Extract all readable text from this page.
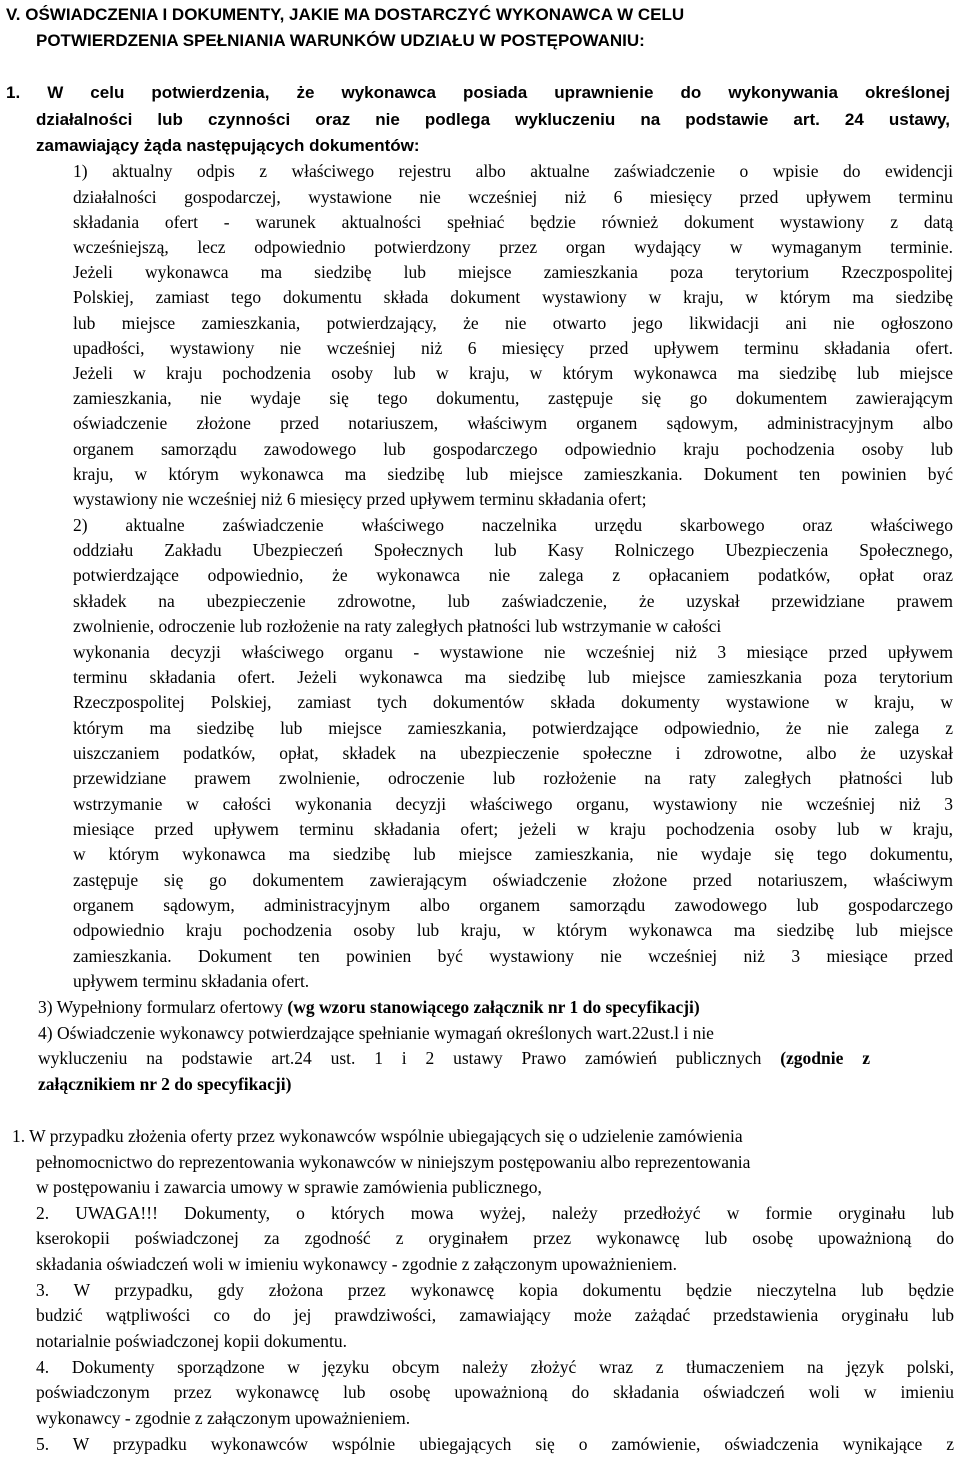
V. OŚWIADCZENIA I DOKUMENTY, JAKIE MA DOSTARCZYĆ WYKONAWCA W CELU
POTWIERDZENIA SPEŁNIANIA WARUNKÓW UDZIAŁU W POSTĘPOWANIU:
1. W celu potwierdzenia, że wykonawca posiada uprawnienie do wykonywania określonej
działalności lub czynności oraz nie podlega wykluczeniu na podstawie art. 24 ustawy,
zamawiający żąda następujących dokumentów:
1) aktualny odpis z właściwego rejestru albo aktualne zaświadczenie o wpisie do ewidencji
działalności gospodarczej, wystawione nie wcześniej niż 6 miesięcy przed upływem terminu
składania ofert - warunek aktualności spełniać będzie również dokument wystawiony z datą
wcześniejszą, lecz odpowiednio potwierdzony przez organ wydający w wymaganym terminie.
Jeżeli wykonawca ma siedzibę lub miejsce zamieszkania poza terytorium Rzeczpospolitej
Polskiej, zamiast tego dokumentu składa dokument wystawiony w kraju, w którym ma siedzibę
lub miejsce zamieszkania, potwierdzający, że nie otwarto jego likwidacji ani nie ogłoszono
upadłości, wystawiony nie wcześniej niż 6 miesięcy przed upływem terminu składania ofert.
Jeżeli w kraju pochodzenia osoby lub w kraju, w którym wykonawca ma siedzibę lub miejsce
zamieszkania, nie wydaje się tego dokumentu, zastępuje się go dokumentem zawierającym
oświadczenie złożone przed notariuszem, właściwym organem sądowym, administracyjnym albo
organem samorządu zawodowego lub gospodarczego odpowiednio kraju pochodzenia osoby lub
kraju, w którym wykonawca ma siedzibę lub miejsce zamieszkania. Dokument ten powinien być
wystawiony nie wcześniej niż 6 miesięcy przed upływem terminu składania ofert;
2) aktualne zaświadczenie właściwego naczelnika urzędu skarbowego oraz właściwego
oddziału Zakładu Ubezpieczeń Społecznych lub Kasy Rolniczego Ubezpieczenia Społecznego,
potwierdzające odpowiednio, że wykonawca nie zalega z opłacaniem podatków, opłat oraz
składek na ubezpieczenie zdrowotne, lub zaświadczenie, że uzyskał przewidziane prawem
zwolnienie, odroczenie lub rozłożenie na raty zaległych płatności lub wstrzymanie w całości
wykonania decyzji właściwego organu - wystawione nie wcześniej niż 3 miesiące przed upływem
terminu składania ofert. Jeżeli wykonawca ma siedzibę lub miejsce zamieszkania poza terytorium
Rzeczpospolitej Polskiej, zamiast tych dokumentów składa dokumenty wystawione w kraju, w
którym ma siedzibę lub miejsce zamieszkania, potwierdzające odpowiednio, że nie zalega z
uiszczaniem podatków, opłat, składek na ubezpieczenie społeczne i zdrowotne, albo że uzyskał
przewidziane prawem zwolnienie, odroczenie lub rozłożenie na raty zaległych płatności lub
wstrzymanie w całości wykonania decyzji właściwego organu, wystawiony nie wcześniej niż 3
miesiące przed upływem terminu składania ofert; jeżeli w kraju pochodzenia osoby lub w kraju,
w którym wykonawca ma siedzibę lub miejsce zamieszkania, nie wydaje się tego dokumentu,
zastępuje się go dokumentem zawierającym oświadczenie złożone przed notariuszem, właściwym
organem sądowym, administracyjnym albo organem samorządu zawodowego lub gospodarczego
odpowiednio kraju pochodzenia osoby lub kraju, w którym wykonawca ma siedzibę lub miejsce
zamieszkania. Dokument ten powinien być wystawiony nie wcześniej niż 3 miesiące przed
upływem terminu składania ofert.
3) Wypełniony formularz ofertowy (wg wzoru stanowiącego załącznik nr 1 do specyfikacji)
4) Oświadczenie wykonawcy potwierdzające spełnianie wymagań określonych wart.22ust.l i nie
wykluczeniu na podstawie art.24 ust. 1 i 2 ustawy Prawo zamówień publicznych (zgodnie z
załącznikiem nr 2 do specyfikacji)
1. W przypadku złożenia oferty przez wykonawców wspólnie ubiegających się o udzielenie zamówienia
pełnomocnictwo do reprezentowania wykonawców w niniejszym postępowaniu albo reprezentowania
w postępowaniu i zawarcia umowy w sprawie zamówienia publicznego,
2. UWAGA!!! Dokumenty, o których mowa wyżej, należy przedłożyć w formie oryginału lub
kserokopii poświadczonej za zgodność z oryginałem przez wykonawcę lub osobę upoważnioną do
składania oświadczeń woli w imieniu wykonawcy - zgodnie z załączonym upoważnieniem.
3. W przypadku, gdy złożona przez wykonawcę kopia dokumentu będzie nieczytelna lub będzie
budzić wątpliwości co do jej prawdziwości, zamawiający może zażądać przedstawienia oryginału lub
notarialnie poświadczonej kopii dokumentu.
4. Dokumenty sporządzone w języku obcym należy złożyć wraz z tłumaczeniem na język polski,
poświadczonym przez wykonawcę lub osobę upoważnioną do składania oświadczeń woli w imieniu
wykonawcy - zgodnie z załączonym upoważnieniem.
5. W przypadku wykonawców wspólnie ubiegających się o zamówienie, oświadczenia wynikające z
